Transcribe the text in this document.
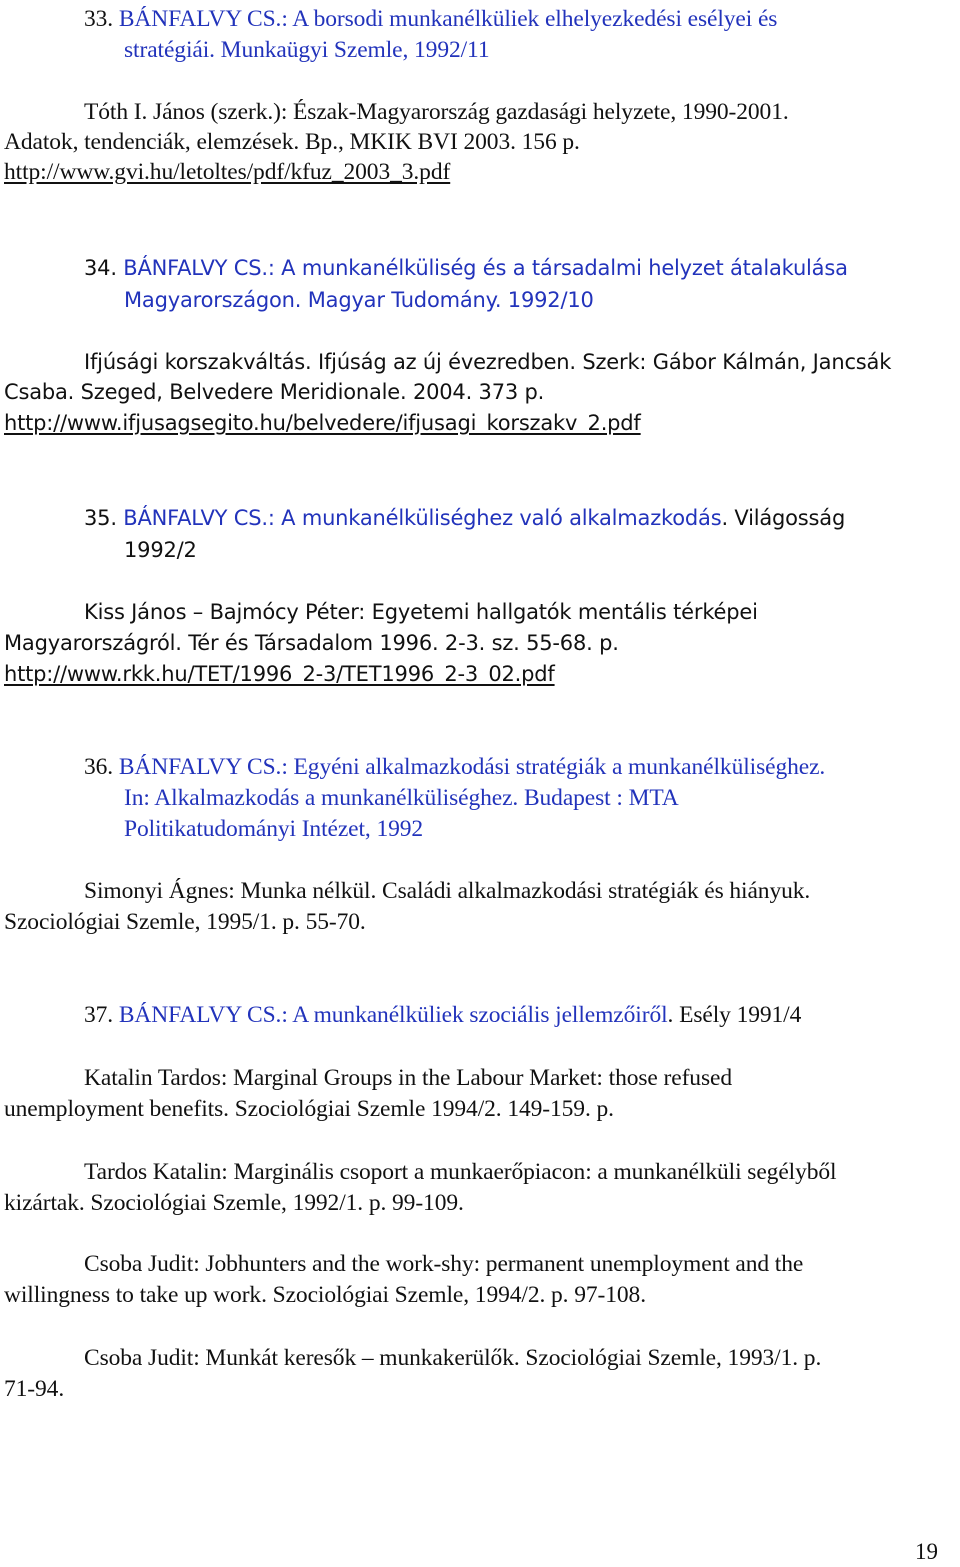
33. BÁNFALVY CS.: A borsodi munkanélküliek elhelyezkedési esélyei és

stratégiái. Munkaügyi Szemle, 1992/11

Tóth I. János (szerk.): Észak-Magyarország gazdasági helyzete, 1990-2001.

Adatok, tendenciák, elemzések. Bp., MKIK BVI 2003. 156 p.

http://www.gvi.hu/letoltes/pdf/kfuz_2003_3.pdf

34. BÁNFALVY CS.: A munkanélküliség és a társadalmi helyzet átalakulása

Magyarországon. Magyar Tudomány. 1992/10

Ifjúsági korszakváltás. Ifjúság az új évezredben. Szerk: Gábor Kálmán, Jancsák

Csaba. Szeged, Belvedere Meridionale. 2004. 373 p.

http://www.ifjusagsegito.hu/belvedere/ifjusagi_korszakv_2.pdf

35. BÁNFALVY CS.: A munkanélküliséghez való alkalmazkodás. Világosság

1992/2

Kiss János – Bajmócy Péter: Egyetemi hallgatók mentális térképei

Magyarországról. Tér és Társadalom 1996. 2-3. sz. 55-68. p.

http://www.rkk.hu/TET/1996_2-3/TET1996_2-3_02.pdf

36. BÁNFALVY CS.: Egyéni alkalmazkodási stratégiák a munkanélküliséghez.

In: Alkalmazkodás a munkanélküliséghez. Budapest : MTA

Politikatudományi Intézet, 1992

Simonyi Ágnes: Munka nélkül. Családi alkalmazkodási stratégiák és hiányuk.

Szociológiai Szemle, 1995/1. p. 55-70.

37. BÁNFALVY CS.: A munkanélküliek szociális jellemzőiről. Esély 1991/4

Katalin Tardos: Marginal Groups in the Labour Market: those refused

unemployment benefits. Szociológiai Szemle 1994/2. 149-159. p.

Tardos Katalin: Marginális csoport a munkaerőpiacon: a munkanélküli segélyből

kizártak. Szociológiai Szemle, 1992/1. p. 99-109.

Csoba Judit: Jobhunters and the work-shy: permanent unemployment and the

willingness to take up work. Szociológiai Szemle, 1994/2. p. 97-108.

Csoba Judit: Munkát keresők – munkakerülők. Szociológiai Szemle, 1993/1. p.

71-94.

19
